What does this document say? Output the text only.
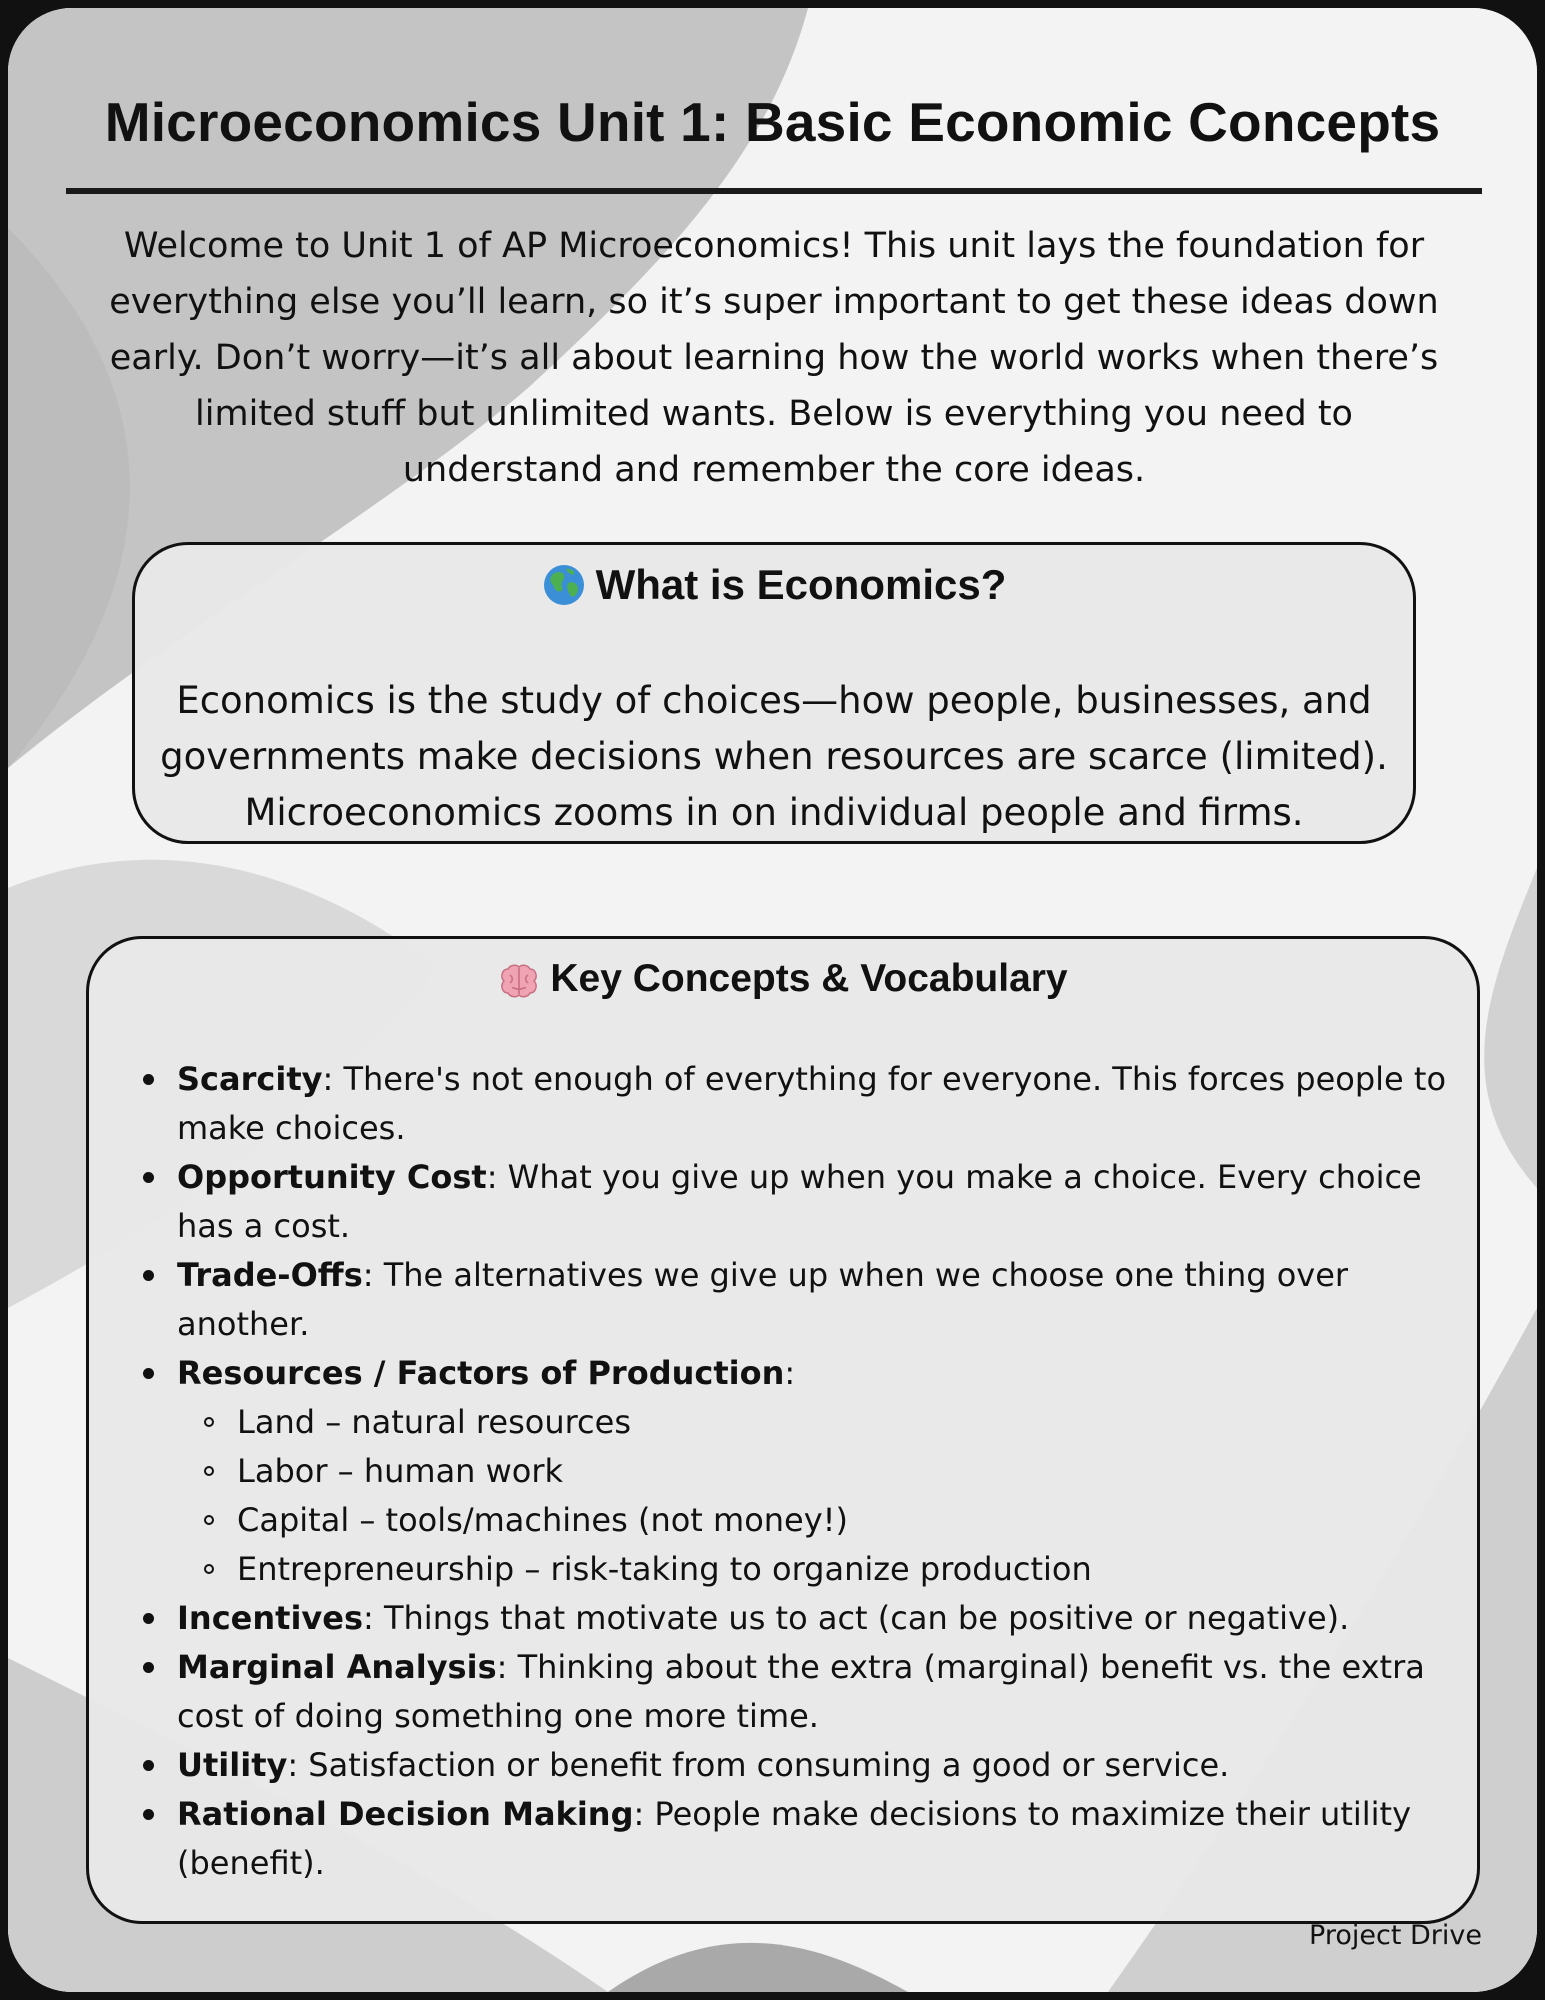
Microeconomics Unit 1: Basic Economic Concepts

Welcome to Unit 1 of AP Microeconomics! This unit lays the foundation for everything else you’ll learn, so it’s super important to get these ideas down early. Don’t worry—it’s all about learning how the world works when there’s limited stuff but unlimited wants. Below is everything you need to understand and remember the core ideas.

What is Economics?

Economics is the study of choices—how people, businesses, and governments make decisions when resources are scarce (limited). Microeconomics zooms in on individual people and firms.

Key Concepts & Vocabulary
Scarcity: There's not enough of everything for everyone. This forces people to make choices.
Opportunity Cost: What you give up when you make a choice. Every choice has a cost.
Trade-Offs: The alternatives we give up when we choose one thing over another.
Resources / Factors of Production:
Land – natural resources
Labor – human work
Capital – tools/machines (not money!)
Entrepreneurship – risk-taking to organize production
Incentives: Things that motivate us to act (can be positive or negative).
Marginal Analysis: Thinking about the extra (marginal) benefit vs. the extra cost of doing something one more time.
Utility: Satisfaction or benefit from consuming a good or service.
Rational Decision Making: People make decisions to maximize their utility (benefit).

Project Drive
